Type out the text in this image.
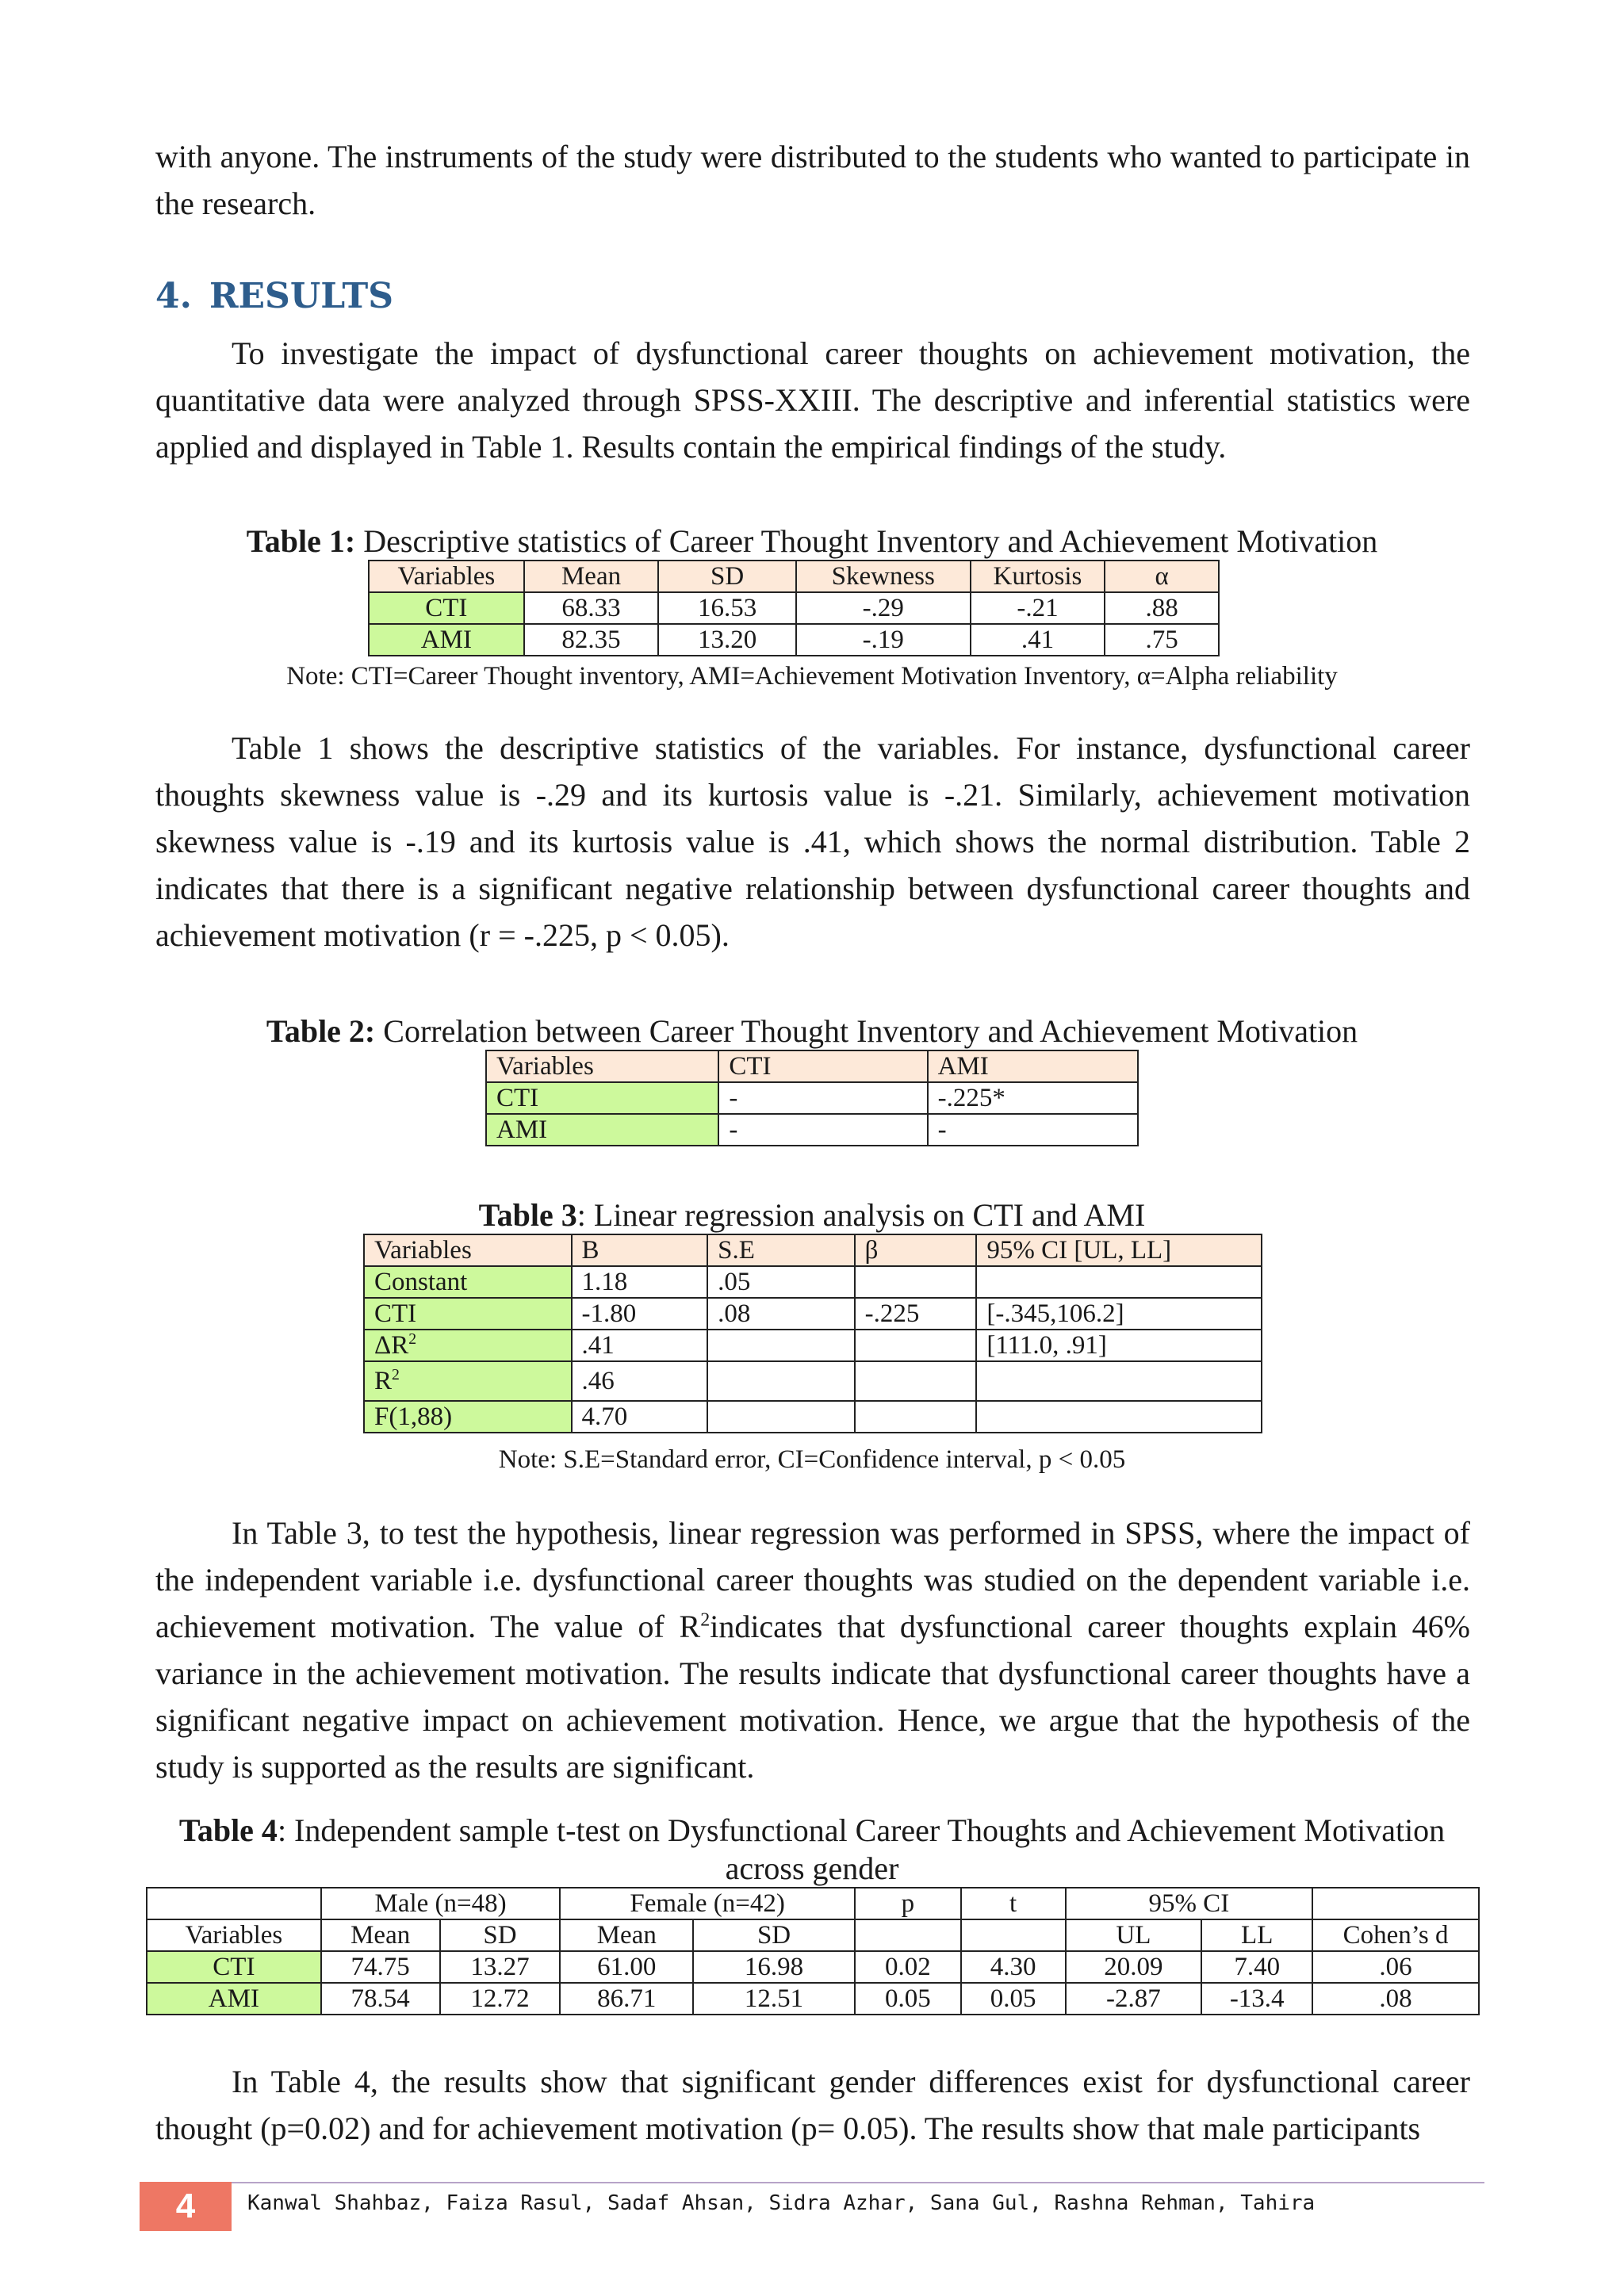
with anyone. The instruments of the study were distributed to the students who wanted to participate in the research.

4. RESULTS

To investigate the impact of dysfunctional career thoughts on achievement motivation, the quantitative data were analyzed through SPSS-XXIII. The descriptive and inferential statistics were applied and displayed in Table 1. Results contain the empirical findings of the study.

Table 1: Descriptive statistics of Career Thought Inventory and Achievement Motivation

Variables	Mean	SD	Skewness	Kurtosis	α
CTI	68.33	16.53	-.29	-.21	.88
AMI	82.35	13.20	-.19	.41	.75

Note: CTI=Career Thought inventory, AMI=Achievement Motivation Inventory, α=Alpha reliability

Table 1 shows the descriptive statistics of the variables. For instance, dysfunctional career thoughts skewness value is -.29 and its kurtosis value is -.21. Similarly, achievement motivation skewness value is -.19 and its kurtosis value is .41, which shows the normal distribution. Table 2 indicates that there is a significant negative relationship between dysfunctional career thoughts and achievement motivation (r = -.225, p < 0.05).

Table 2: Correlation between Career Thought Inventory and Achievement Motivation

Variables	CTI	AMI
CTI	-	-.225*
AMI	-	-

Table 3: Linear regression analysis on CTI and AMI

Variables	B	S.E	β	95% CI [UL, LL]
Constant	1.18	.05		
CTI	-1.80	.08	-.225	[-.345,106.2]
$\Delta R^2$	.41			[111.0, .91]
$R^2$	.46			
F(1,88)	4.70			

Note: S.E=Standard error, CI=Confidence interval, p < 0.05

In Table 3, to test the hypothesis, linear regression was performed in SPSS, where the impact of the independent variable i.e. dysfunctional career thoughts was studied on the dependent variable i.e. achievement motivation. The value of $R^2indicates$ that dysfunctional career thoughts explain 46% variance in the achievement motivation. The results indicate that dysfunctional career thoughts have a significant negative impact on achievement motivation. Hence, we argue that the hypothesis of the study is supported as the results are significant.

Table 4: Independent sample t-test on Dysfunctional Career Thoughts and Achievement Motivation

across gender

	Male (n=48)		Female (n=42)		p	t	95% CI		
Variables	Mean	SD	Mean	SD			UL	LL	Cohen’s d
CTI	74.75	13.27	61.00	16.98	0.02	4.30	20.09	7.40	.06
AMI	78.54	12.72	86.71	12.51	0.05	0.05	-2.87	-13.4	.08

In Table 4, the results show that significant gender differences exist for dysfunctional career thought (p=0.02) and for achievement motivation (p= 0.05). The results show that male participants

4	Kanwal Shahbaz, Faiza Rasul, Sadaf Ahsan, Sidra Azhar, Sana Gul, Rashna Rehman, Tahira
